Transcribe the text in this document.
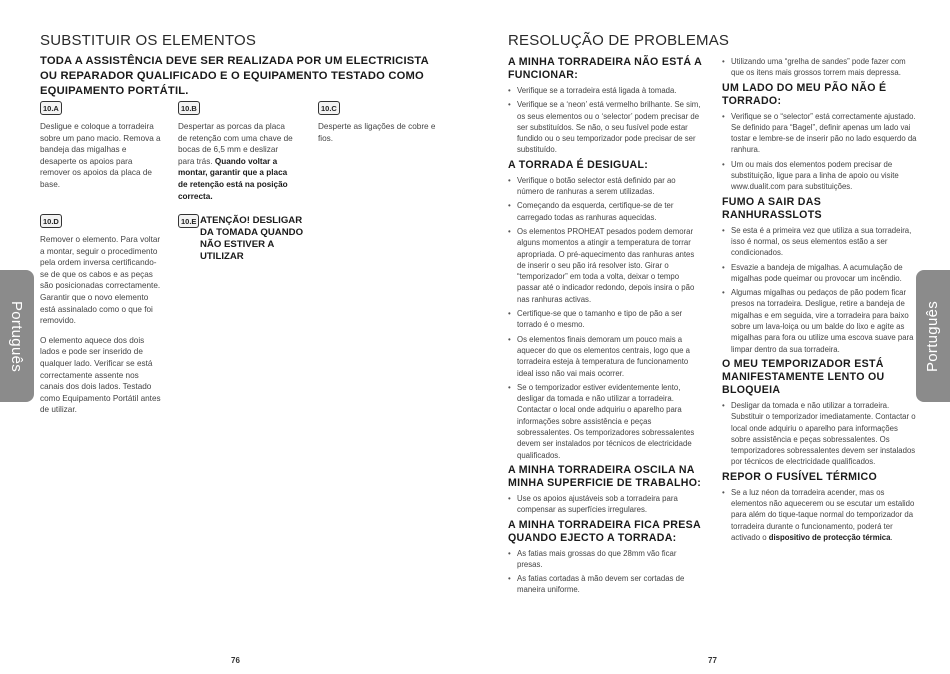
SUBSTITUIR OS ELEMENTOS
TODA A ASSISTÊNCIA DEVE SER REALIZADA POR UM ELECTRICISTA OU REPARADOR QUALIFICADO E O EQUIPAMENTO TESTADO COMO EQUIPAMENTO PORTÁTIL.
10.A

Desligue e coloque a torradeira sobre um pano macio. Remova a bandeja das migalhas e desaperte os apoios para remover os apoios da placa de base.

10.B

Despertar as porcas da placa de retenção com uma chave de bocas de 6,5 mm e deslizar para trás. Quando voltar a montar, garantir que a placa de retenção está na posição correcta.

10.C

Desperte as ligações de cobre e fios.

10.D

Remover o elemento. Para voltar a montar, seguir o procedimento pela ordem inversa certificando-se de que os cabos e as peças são posicionadas correctamente. Garantir que o novo elemento está assinalado como o que foi removido.

O elemento aquece dos dois lados e pode ser inserido de qualquer lado. Verificar se está correctamente assente nos canais dos dois lados. Testado como Equipamento Portátil antes de utilizar.

10.E ATENÇÃO! DESLIGAR DA TOMADA QUANDO NÃO ESTIVER A UTILIZAR
Português
76
RESOLUÇÃO DE PROBLEMAS
A MINHA TORRADEIRA NÃO ESTÁ A FUNCIONAR:
• Verifique se a torradeira está ligada à tomada.
• Verifique se a ‘neon’ está vermelho brilhante. Se sim, os seus elementos ou o ‘selector’ podem precisar de ser substituídos. Se não, o seu fusível pode estar fundido ou o seu temporizador pode precisar de ser substituído.
A TORRADA É DESIGUAL:
• Verifique o botão selector está definido par ao número de ranhuras a serem utilizadas.
• Começando da esquerda, certifique-se de ter carregado todas as ranhuras aquecidas.
• Os elementos PROHEAT pesados podem demorar alguns momentos a atingir a temperatura de torrar apropriada. O pré-aquecimento das ranhuras antes de inserir o seu pão irá resolver isto. Girar o “temporizador” em toda a volta, deixar o tempo passar até o indicador redondo, depois insira o pão nas ranhuras activas.
• Certifique-se que o tamanho e tipo de pão a ser torrado é o mesmo.
• Os elementos finais demoram um pouco mais a aquecer do que os elementos centrais, logo que a torradeira esteja à temperatura de funcionamento ideal isso não vai mais ocorrer.
• Se o temporizador estiver evidentemente lento, desligar da tomada e não utilizar a torradeira. Contactar o local onde adquiriu o aparelho para informações sobre assistência e peças sobressalentes. Os temporizadores sobressalentes devem ser instalados por técnicos de electricidade qualificados.
A MINHA TORRADEIRA OSCILA NA MINHA SUPERFICIE DE TRABALHO:
• Use os apoios ajustáveis sob a torradeira para compensar as superfícies irregulares.
A MINHA TORRADEIRA FICA PRESA QUANDO EJECTO A TORRADA:
• As fatias mais grossas do que 28mm vão ficar presas.
• As fatias cortadas à mão devem ser cortadas de maneira uniforme.
• Utilizando uma “grelha de sandes” pode fazer com que os itens mais grossos torrem mais depressa.
UM LADO DO MEU PÃO NÃO É TORRADO:
• Verifique se o “selector” está correctamente ajustado. Se definido para “Bagel”, definir apenas um lado vai tostar e lembre-se de inserir pão no lado esquerdo da ranhura.
• Um ou mais dos elementos podem precisar de substituição, ligue para a linha de apoio ou visite www.dualit.com para substituições.
FUMO A SAIR DAS RANHURASSLOTS
• Se esta é a primeira vez que utiliza a sua torradeira, isso é normal, os seus elementos estão a ser condicionados.
• Esvazie a bandeja de migalhas. A acumulação de migalhas pode queimar ou provocar um incêndio.
• Algumas migalhas ou pedaços de pão podem ficar presos na torradeira. Desligue, retire a bandeja de migalhas e em seguida, vire a torradeira para baixo sobre um lava-loiça ou um balde do lixo e agite as migalhas para fora ou utilize uma escova suave para limpar dentro da sua torradeira.
O MEU TEMPORIZADOR ESTÁ MANIFESTAMENTE LENTO OU BLOQUEIA
• Desligar da tomada e não utilizar a torradeira. Substituir o temporizador imediatamente. Contactar o local onde adquiriu o aparelho para informações sobre assistência e peças sobressalentes. Os temporizadores sobressalentes devem ser instalados por técnicos de electricidade qualificados.
REPOR O FUSÍVEL TÉRMICO
• Se a luz néon da torradeira acender, mas os elementos não aquecerem ou se escutar um estalido para além do tique-taque normal do temporizador da torradeira durante o funcionamento, poderá ter activado o dispositivo de protecção térmica.
Português
77
